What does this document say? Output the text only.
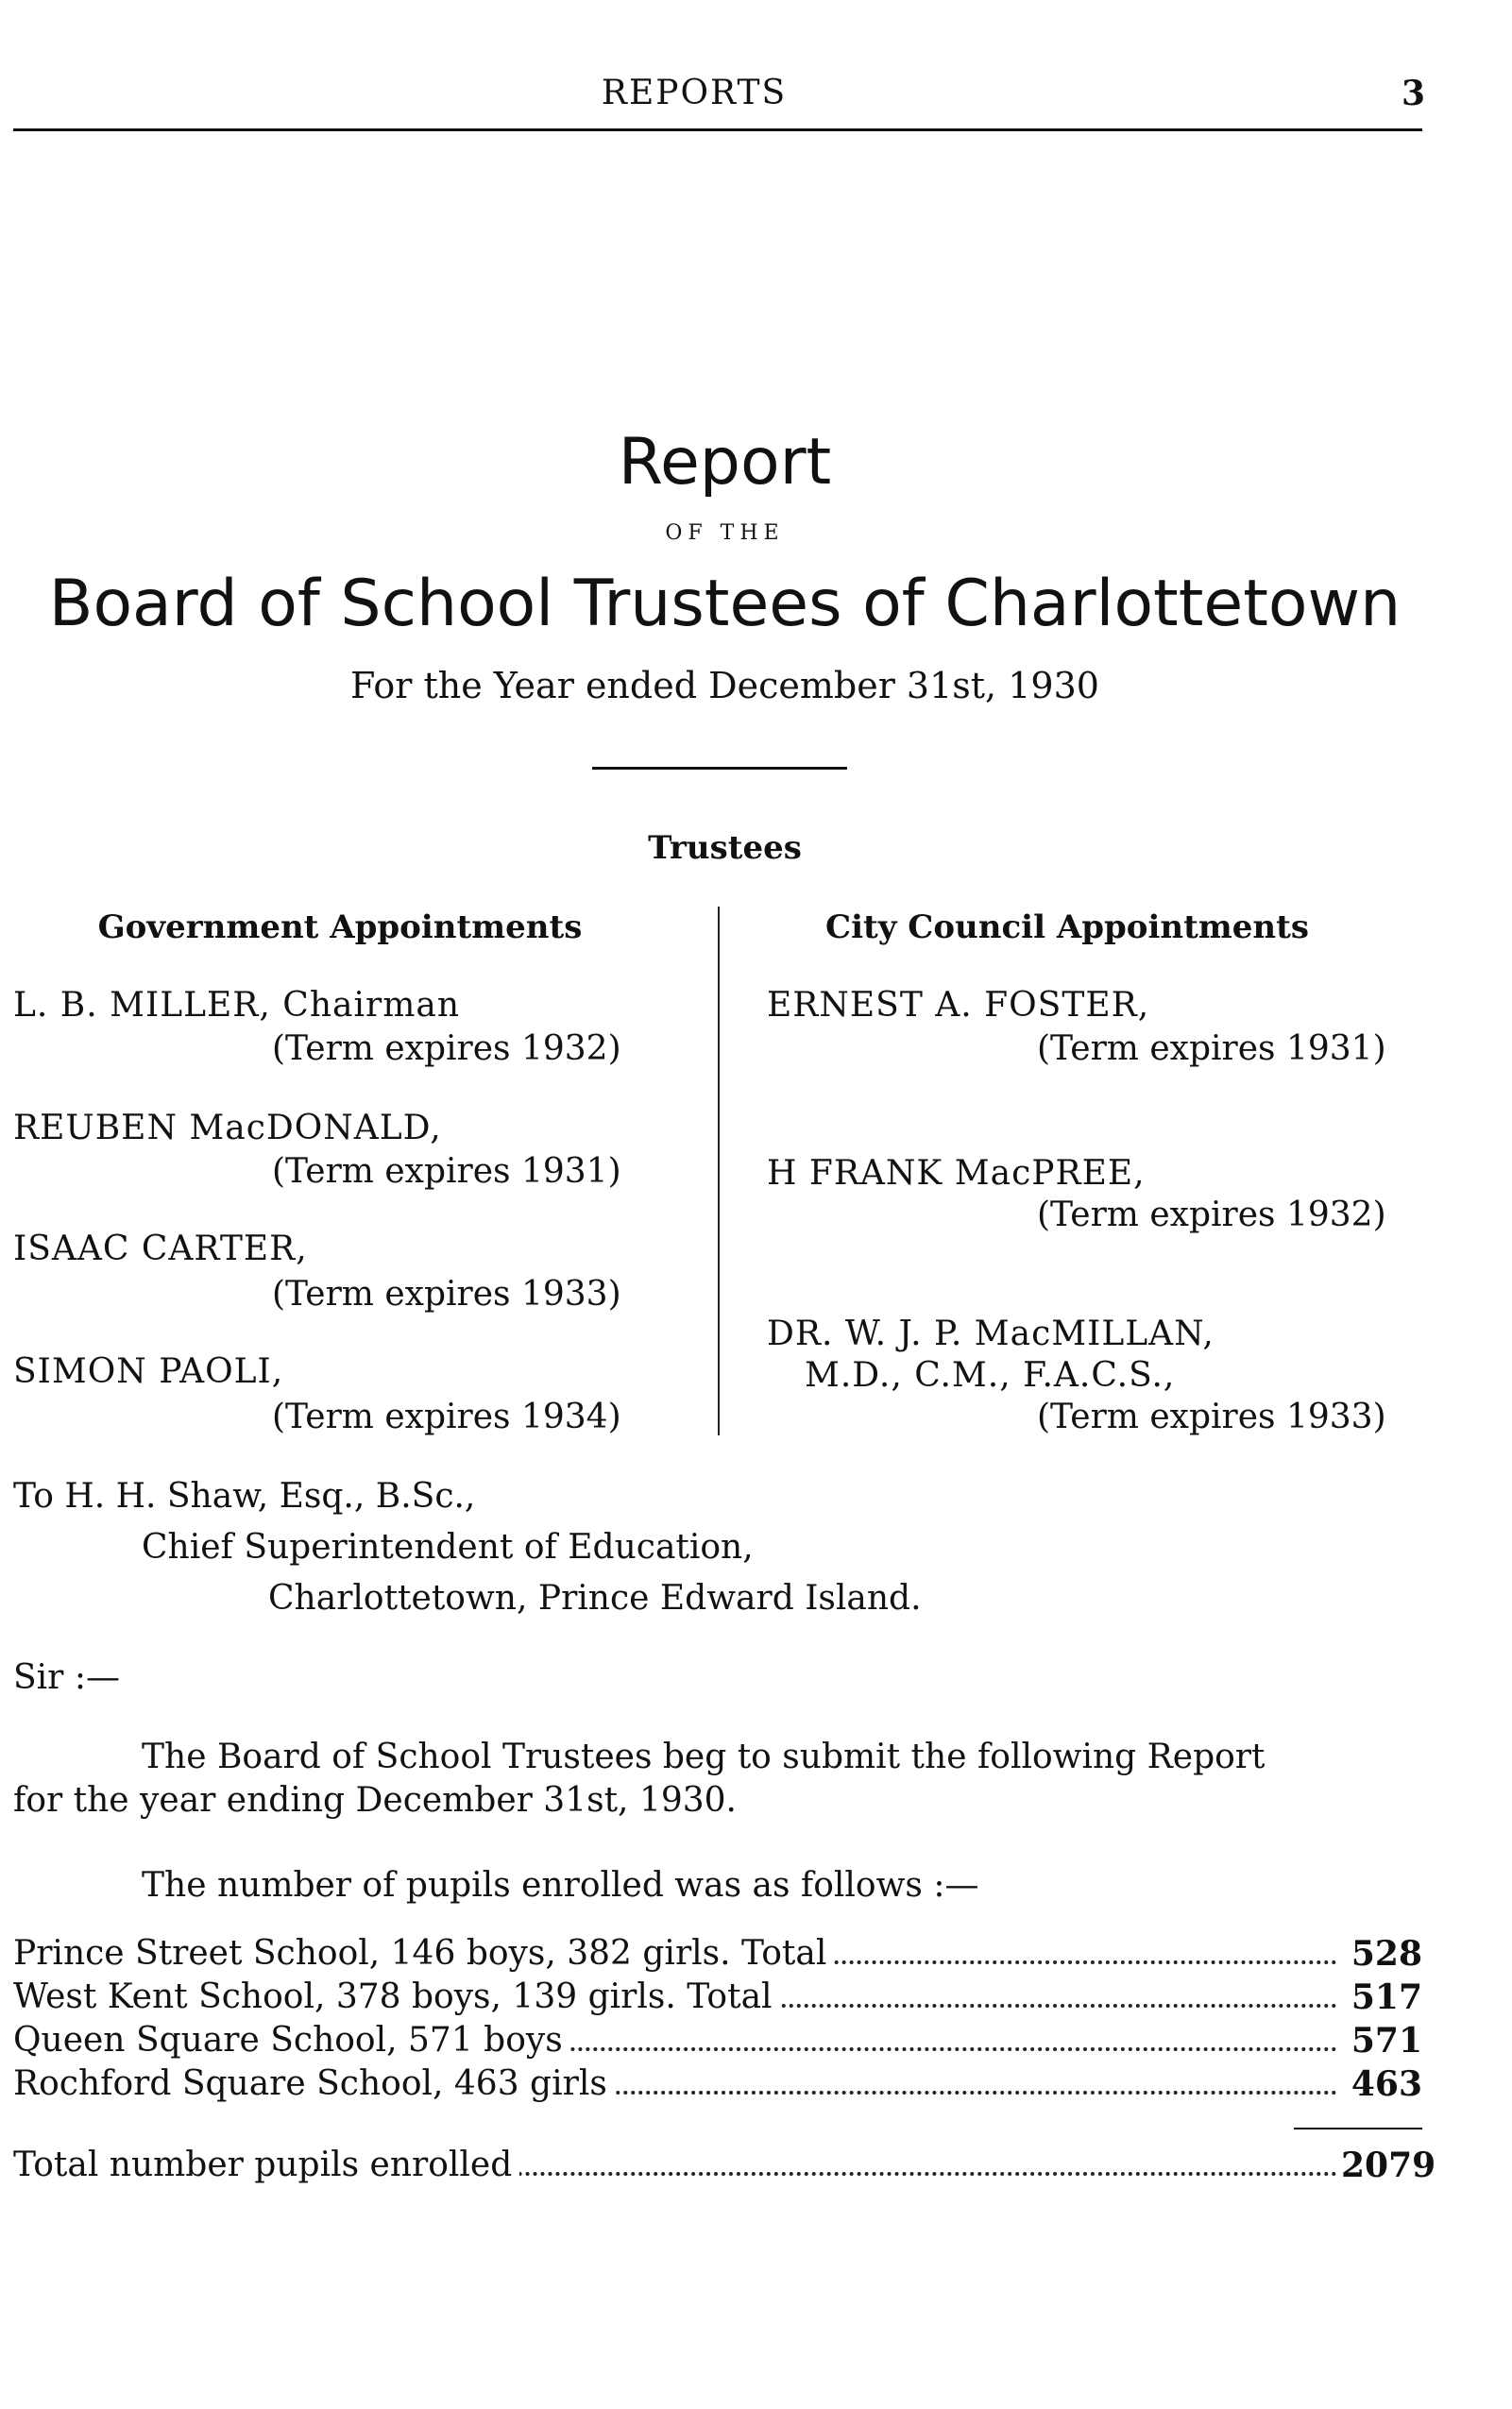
REPORTS	3
Report
OF THE
Board of School Trustees of Charlottetown
For the Year ended December 31st, 1930
Trustees
Government Appointments	City Council Appointments
L. B. MILLER, Chairman
(Term expires 1932)
REUBEN MacDONALD,
(Term expires 1931)
ISAAC CARTER,
(Term expires 1933)
SIMON PAOLI,
(Term expires 1934)
ERNEST A. FOSTER,
(Term expires 1931)
H FRANK MacPREE,
(Term expires 1932)
DR. W. J. P. MacMILLAN,
M.D., C.M., F.A.C.S.,
(Term expires 1933)
To H. H. Shaw, Esq., B.Sc.,
Chief Superintendent of Education,
Charlottetown, Prince Edward Island.
Sir :—
The Board of School Trustees beg to submit the following Report
for the year ending December 31st, 1930.
The number of pupils enrolled was as follows :—
Prince Street School, 146 boys, 382 girls. Total	528
West Kent School, 378 boys, 139 girls. Total	517
Queen Square School, 571 boys	571
Rochford Square School, 463 girls	463
Total number pupils enrolled	2079
